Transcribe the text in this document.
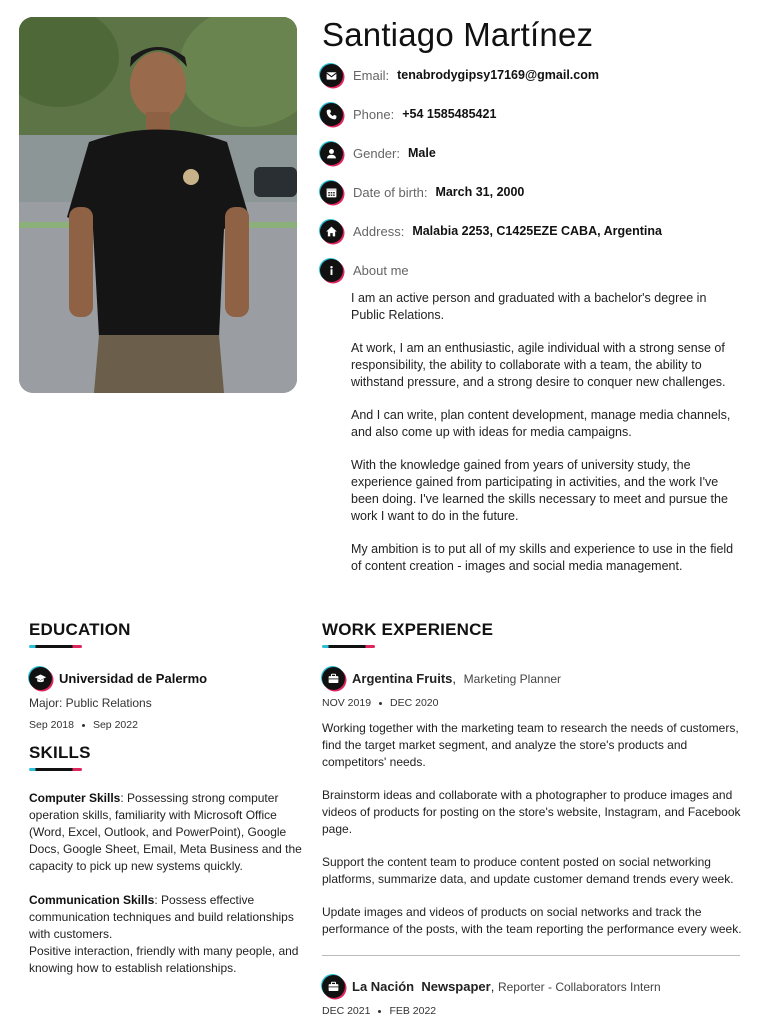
Santiago Martínez
Email: tenabrodygipsy17169@gmail.com
Phone: +54 1585485421
Gender: Male
Date of birth: March 31, 2000
Address: Malabia 2253, C1425EZE CABA, Argentina
About me

I am an active person and graduated with a bachelor's degree in Public Relations.

At work, I am an enthusiastic, agile individual with a strong sense of responsibility, the ability to collaborate with a team, the ability to withstand pressure, and a strong desire to conquer new challenges.

And I can write, plan content development, manage media channels, and also come up with ideas for media campaigns.

With the knowledge gained from years of university study, the experience gained from participating in activities, and the work I've been doing. I've learned the skills necessary to meet and pursue the work I want to do in the future.

My ambition is to put all of my skills and experience to use in the field of content creation - images and social media management.

EDUCATION
Universidad de Palermo
Major: Public Relations
Sep 2018 Sep 2022
SKILLS
Computer Skills: Possessing strong computer operation skills, familiarity with Microsoft Office (Word, Excel, Outlook, and PowerPoint), Google Docs, Google Sheet, Email, Meta Business and the capacity to pick up new systems quickly.
Communication Skills: Possess effective communication techniques and build relationships with customers.
Positive interaction, friendly with many people, and knowing how to establish relationships.
WORK EXPERIENCE
Argentina Fruits, Marketing Planner
NOV 2019 DEC 2020

Working together with the marketing team to research the needs of customers, find the target market segment, and analyze the store's products and competitors' needs.

Brainstorm ideas and collaborate with a photographer to produce images and videos of products for posting on the store's website, Instagram, and Facebook page.

Support the content team to produce content posted on social networking platforms, summarize data, and update customer demand trends every week.

Update images and videos of products on social networks and track the performance of the posts, with the team reporting the performance every week.

La Nación  Newspaper, Reporter - Collaborators Intern
DEC 2021 FEB 2022
